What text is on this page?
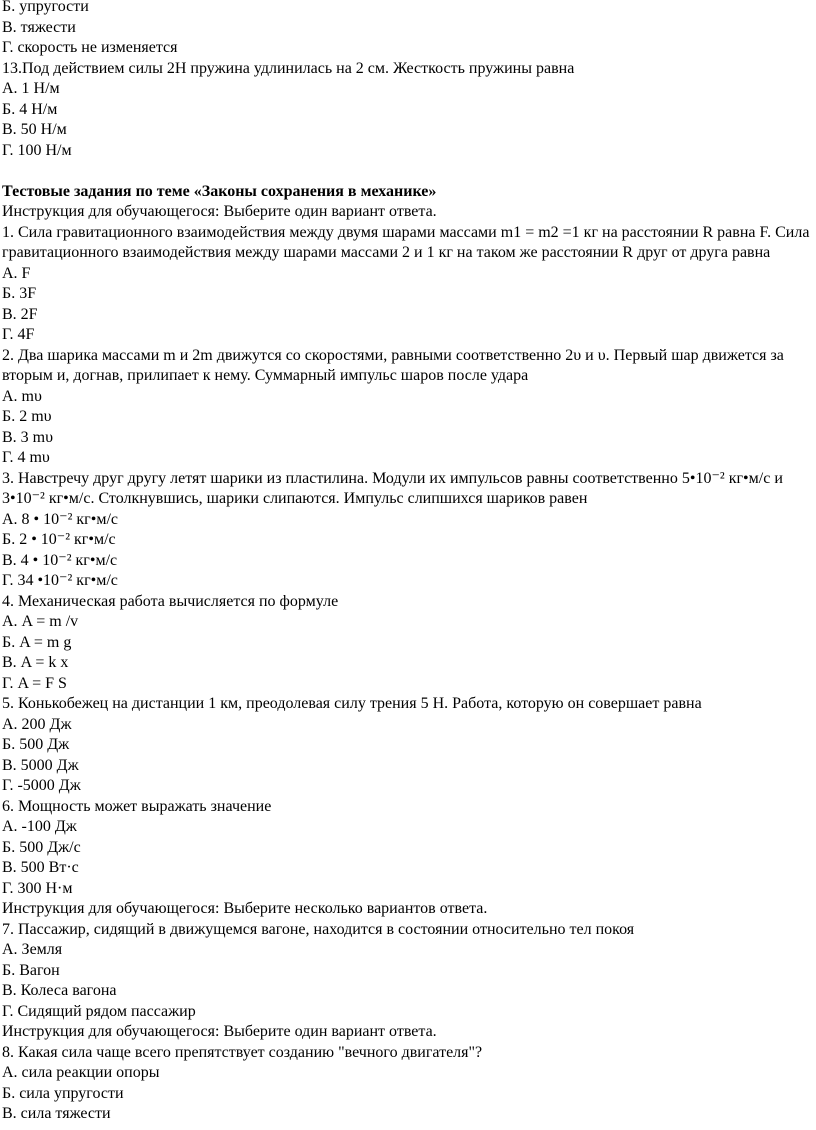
Б. упругости
В. тяжести
Г. скорость не изменяется
13.Под действием силы 2Н пружина удлинилась на 2 см. Жесткость пружины равна
А. 1 Н/м
Б. 4 Н/м
В. 50 Н/м
Г. 100 Н/м
Тестовые задания по теме «Законы сохранения в механике»
Инструкция для обучающегося: Выберите один вариант ответа.
1. Сила гравитационного взаимодействия между двумя шарами массами m1 = m2 =1 кг на расстоянии R равна F. Сила гравитационного взаимодействия между шарами массами 2 и 1 кг на таком же расстоянии R друг от друга равна
А. F
Б. 3F
В. 2F
Г. 4F
2. Два шарика массами m и 2m движутся со скоростями, равными соответственно 2υ и υ. Первый шар движется за вторым и, догнав, прилипает к нему. Суммарный импульс шаров после удара
А. mυ
Б. 2 mυ
В. 3 mυ
Г. 4 mυ
3. Навстречу друг другу летят шарики из пластилина. Модули их импульсов равны соответственно 5•10⁻² кг•м/с и 3•10⁻² кг•м/с. Столкнувшись, шарики слипаются. Импульс слипшихся шариков равен
А. 8 • 10⁻² кг•м/с
Б. 2 • 10⁻² кг•м/с
В. 4 • 10⁻² кг•м/с
Г. 34 •10⁻² кг•м/с
4. Механическая работа вычисляется по формуле
А. A = m /v
Б. A = m g
В. A = k x
Г. A = F S
5. Конькобежец на дистанции 1 км, преодолевая силу трения 5 Н. Работа, которую он совершает равна
А. 200 Дж
Б. 500 Дж
В. 5000 Дж
Г. -5000 Дж
6. Мощность может выражать значение
А. -100 Дж
Б. 500 Дж/с
В. 500 Вт·с
Г. 300 Н·м
Инструкция для обучающегося: Выберите несколько вариантов ответа.
7. Пассажир, сидящий в движущемся вагоне, находится в состоянии относительно тел покоя
А. Земля
Б. Вагон
В. Колеса вагона
Г. Сидящий рядом пассажир
Инструкция для обучающегося: Выберите один вариант ответа.
8. Какая сила чаще всего препятствует созданию "вечного двигателя"?
А. сила реакции опоры
Б. сила упругости
В. сила тяжести
